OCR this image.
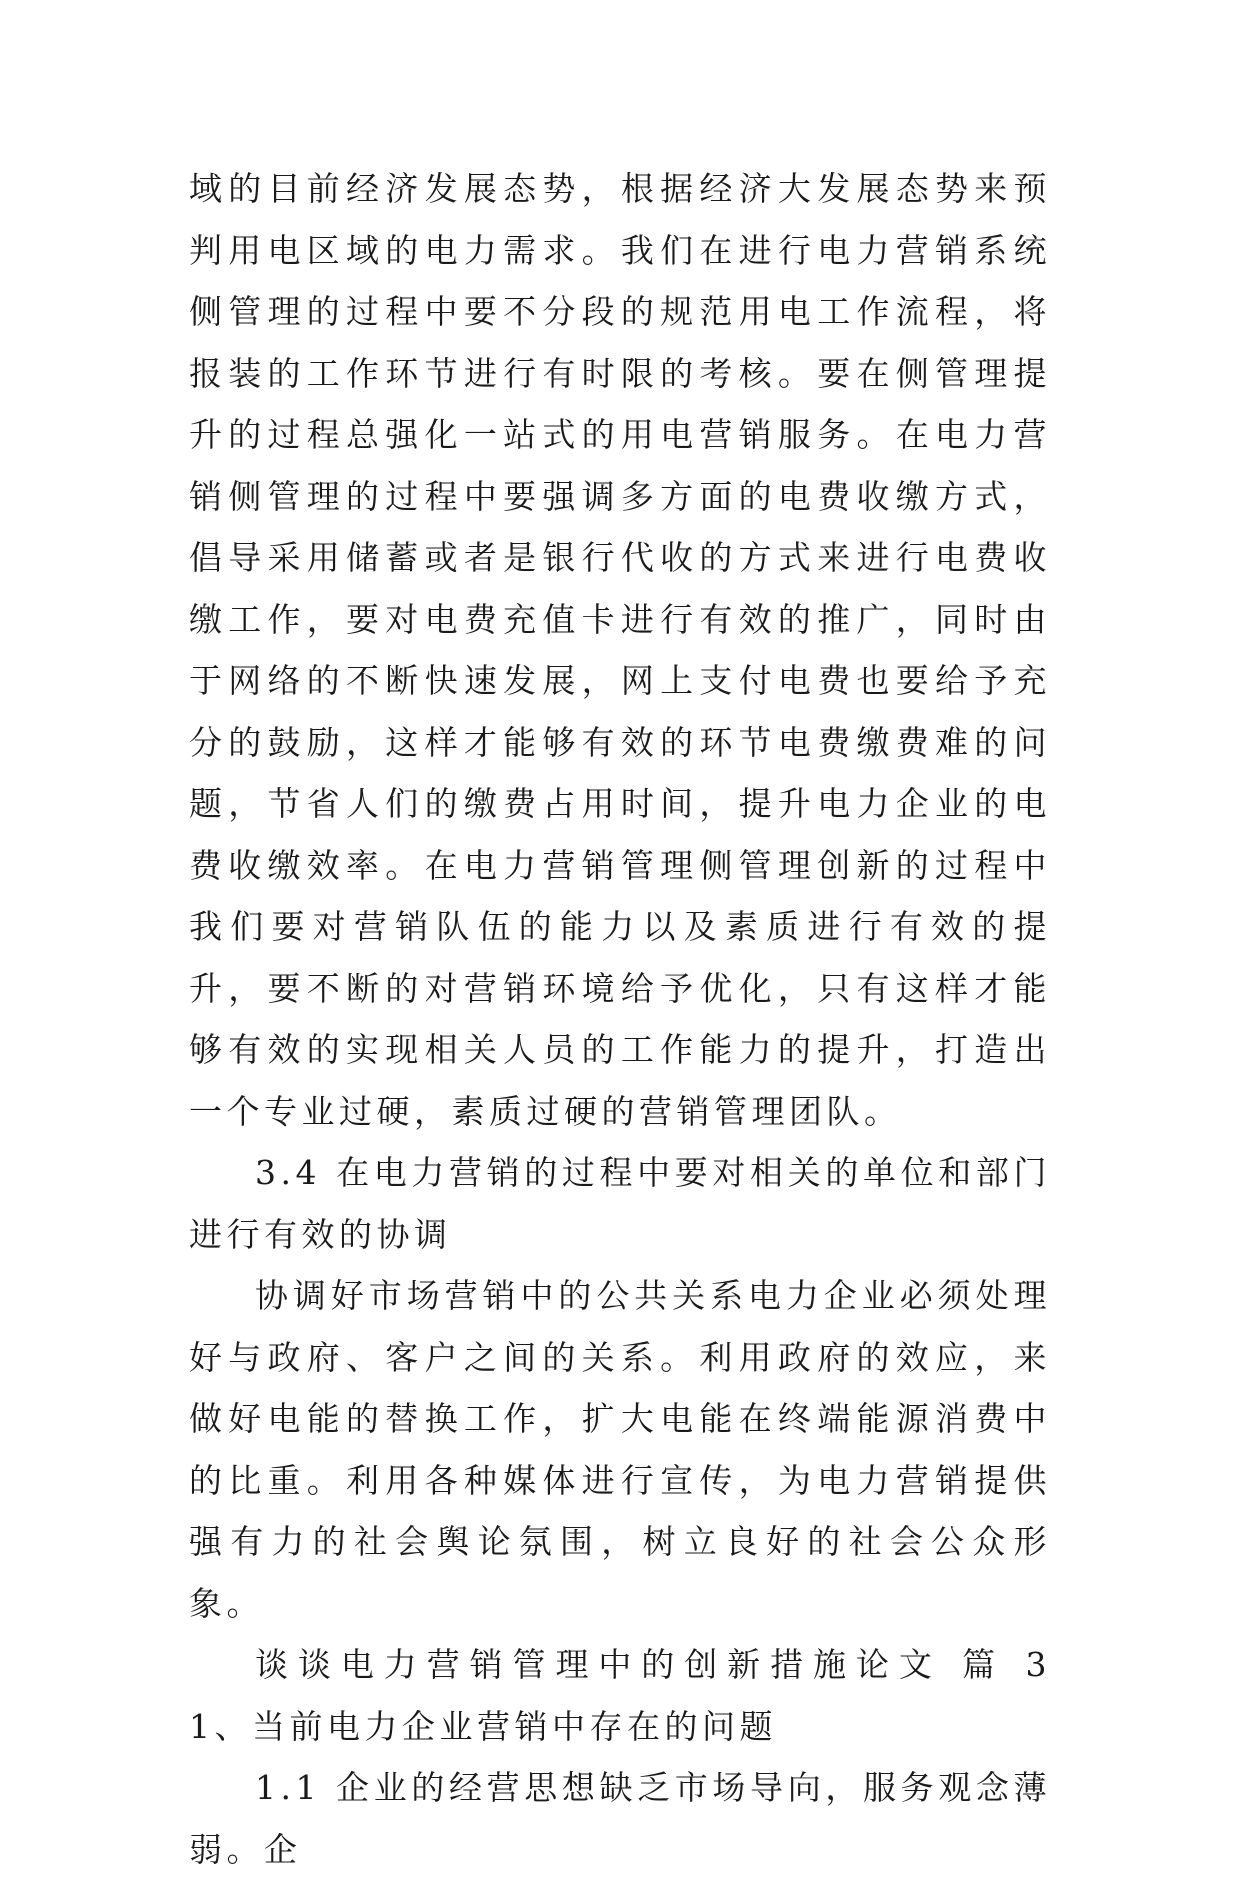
域的目前经济发展态势，根据经济大发展态势来预判用电区域的电力需求。我们在进行电力营销系统侧管理的过程中要不分段的规范用电工作流程，将报装的工作环节进行有时限的考核。要在侧管理提升的过程总强化一站式的用电营销服务。在电力营销侧管理的过程中要强调多方面的电费收缴方式，倡导采用储蓄或者是银行代收的方式来进行电费收缴工作，要对电费充值卡进行有效的推广，同时由于网络的不断快速发展，网上支付电费也要给予充分的鼓励，这样才能够有效的环节电费缴费难的问题，节省人们的缴费占用时间，提升电力企业的电费收缴效率。在电力营销管理侧管理创新的过程中我们要对营销队伍的能力以及素质进行有效的提升，要不断的对营销环境给予优化，只有这样才能够有效的实现相关人员的工作能力的提升，打造出一个专业过硬，素质过硬的营销管理团队。

3.4 在电力营销的过程中要对相关的单位和部门进行有效的协调

协调好市场营销中的公共关系电力企业必须处理好与政府、客户之间的关系。利用政府的效应，来做好电能的替换工作，扩大电能在终端能源消费中的比重。利用各种媒体进行宣传，为电力营销提供强有力的社会舆论氛围，树立良好的社会公众形象。

谈谈电力营销管理中的创新措施论文 篇 3　　1、当前电力企业营销中存在的问题

1.1 企业的经营思想缺乏市场导向，服务观念薄弱。企
